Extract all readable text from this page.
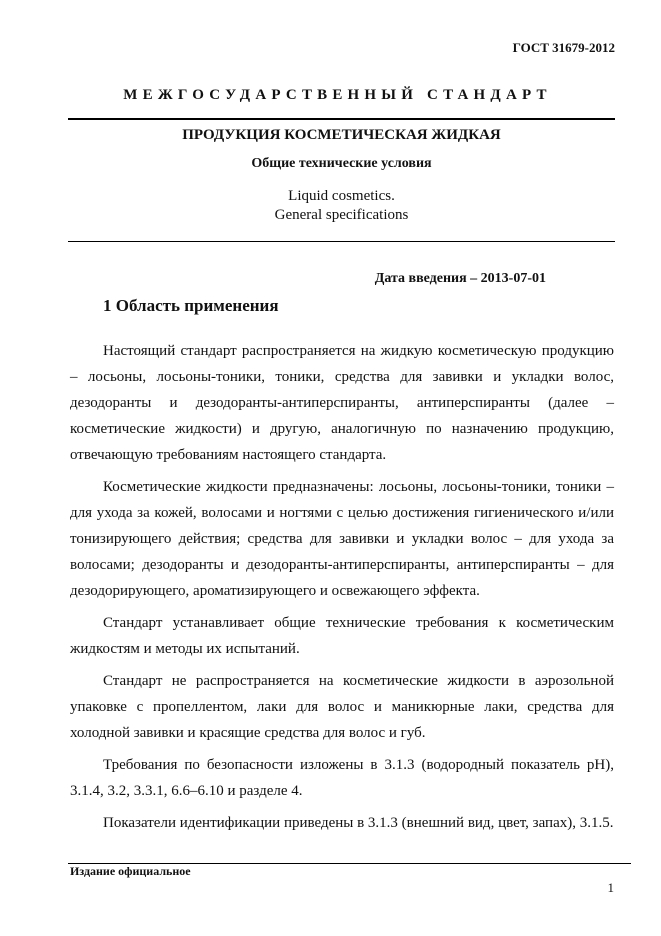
ГОСТ 31679-2012
МЕЖГОСУДАРСТВЕННЫЙ СТАНДАРТ
ПРОДУКЦИЯ КОСМЕТИЧЕСКАЯ ЖИДКАЯ
Общие технические условия
Liquid cosmetics.
General specifications
Дата введения – 2013-07-01
1 Область применения

Настоящий стандарт распространяется на жидкую косметическую продукцию – лосьоны, лосьоны-тоники, тоники, средства для завивки и укладки волос, дезодоранты и дезодоранты-антиперспиранты, антиперспиранты (далее – косметические жидкости) и другую, аналогичную по назначению продукцию, отвечающую требованиям настоящего стандарта.

Косметические жидкости предназначены: лосьоны, лосьоны-тоники, тоники – для ухода за кожей, волосами и ногтями с целью достижения гигиенического и/или тонизирующего действия; средства для завивки и укладки волос – для ухода за волосами; дезодоранты и дезодоранты-антиперспиранты, антиперспиранты – для дезодорирующего, ароматизирующего и освежающего эффекта.

Стандарт устанавливает общие технические требования к косметическим жидкостям и методы их испытаний.

Стандарт не распространяется на косметические жидкости в аэрозольной упаковке с пропеллентом, лаки для волос и маникюрные лаки, средства для холодной завивки и красящие средства для волос и губ.

Требования по безопасности изложены в 3.1.3 (водородный показатель pH), 3.1.4, 3.2, 3.3.1, 6.6–6.10 и разделе 4.

Показатели идентификации приведены в 3.1.3 (внешний вид, цвет, запах), 3.1.5.

Издание официальное
1
